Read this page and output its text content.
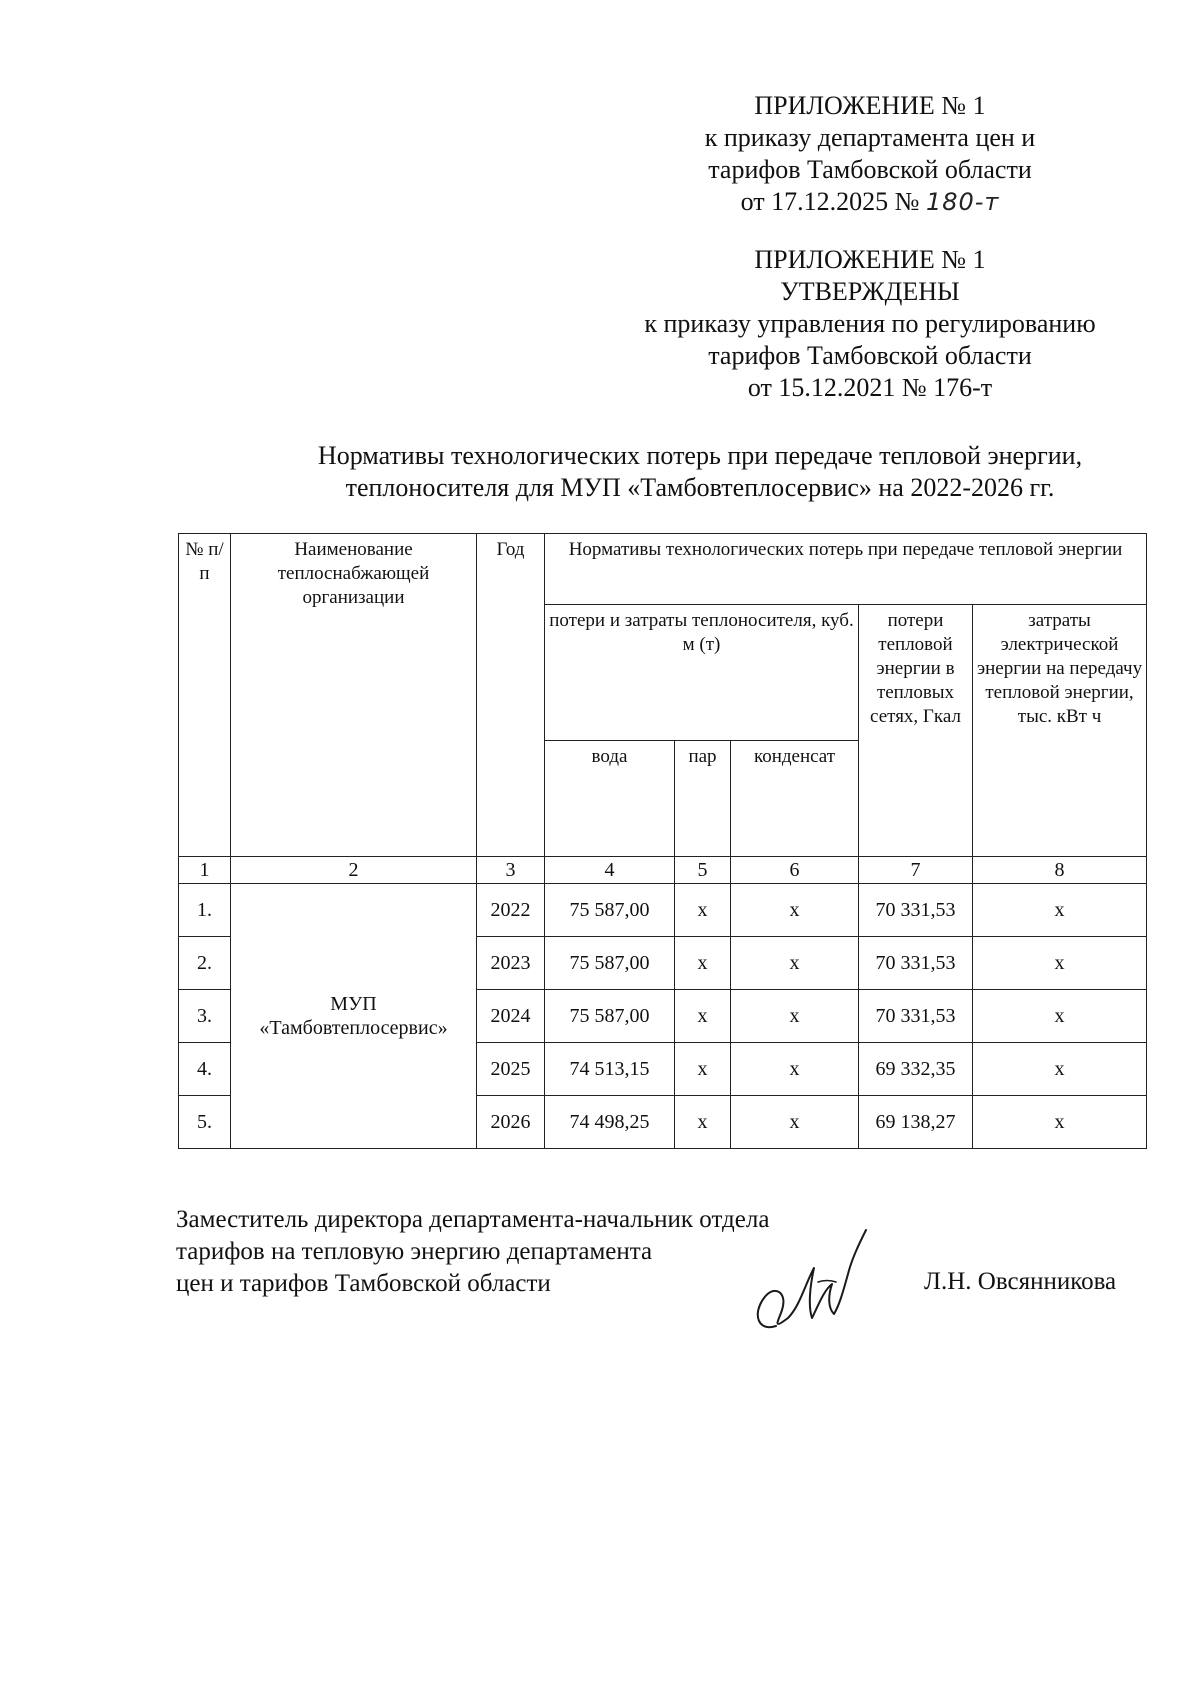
ПРИЛОЖЕНИЕ № 1
к приказу департамента цен и
тарифов Тамбовской области
от 17.12.2025 № 180-т
ПРИЛОЖЕНИЕ № 1
УТВЕРЖДЕНЫ
к приказу управления по регулированию
тарифов Тамбовской области
от 15.12.2021 № 176-т
Нормативы технологических потерь при передаче тепловой энергии,
теплоносителя для МУП «Тамбовтеплосервис» на 2022-2026 гг.
№ п/п	Наименование теплоснабжающей организации	Год	Нормативы технологических потерь при передаче тепловой энергии				
			потери и затраты теплоносителя, куб. м (т)			потери тепловой энергии в тепловых сетях, Гкал	затраты электрической энергии на передачу тепловой энергии, тыс. кВт ч
			вода	пар	конденсат		
1	2	3	4	5	6	7	8
1.	МУП «Тамбовтеплосервис»	2022	75 587,00	х	х	70 331,53	х
2.		2023	75 587,00	х	х	70 331,53	х
3.		2024	75 587,00	х	х	70 331,53	х
4.		2025	74 513,15	х	х	69 332,35	х
5.		2026	74 498,25	х	х	69 138,27	х
Заместитель директора департамента-начальник отдела
тарифов на тепловую энергию департамента
цен и тарифов Тамбовской области	Л.Н. Овсянникова
